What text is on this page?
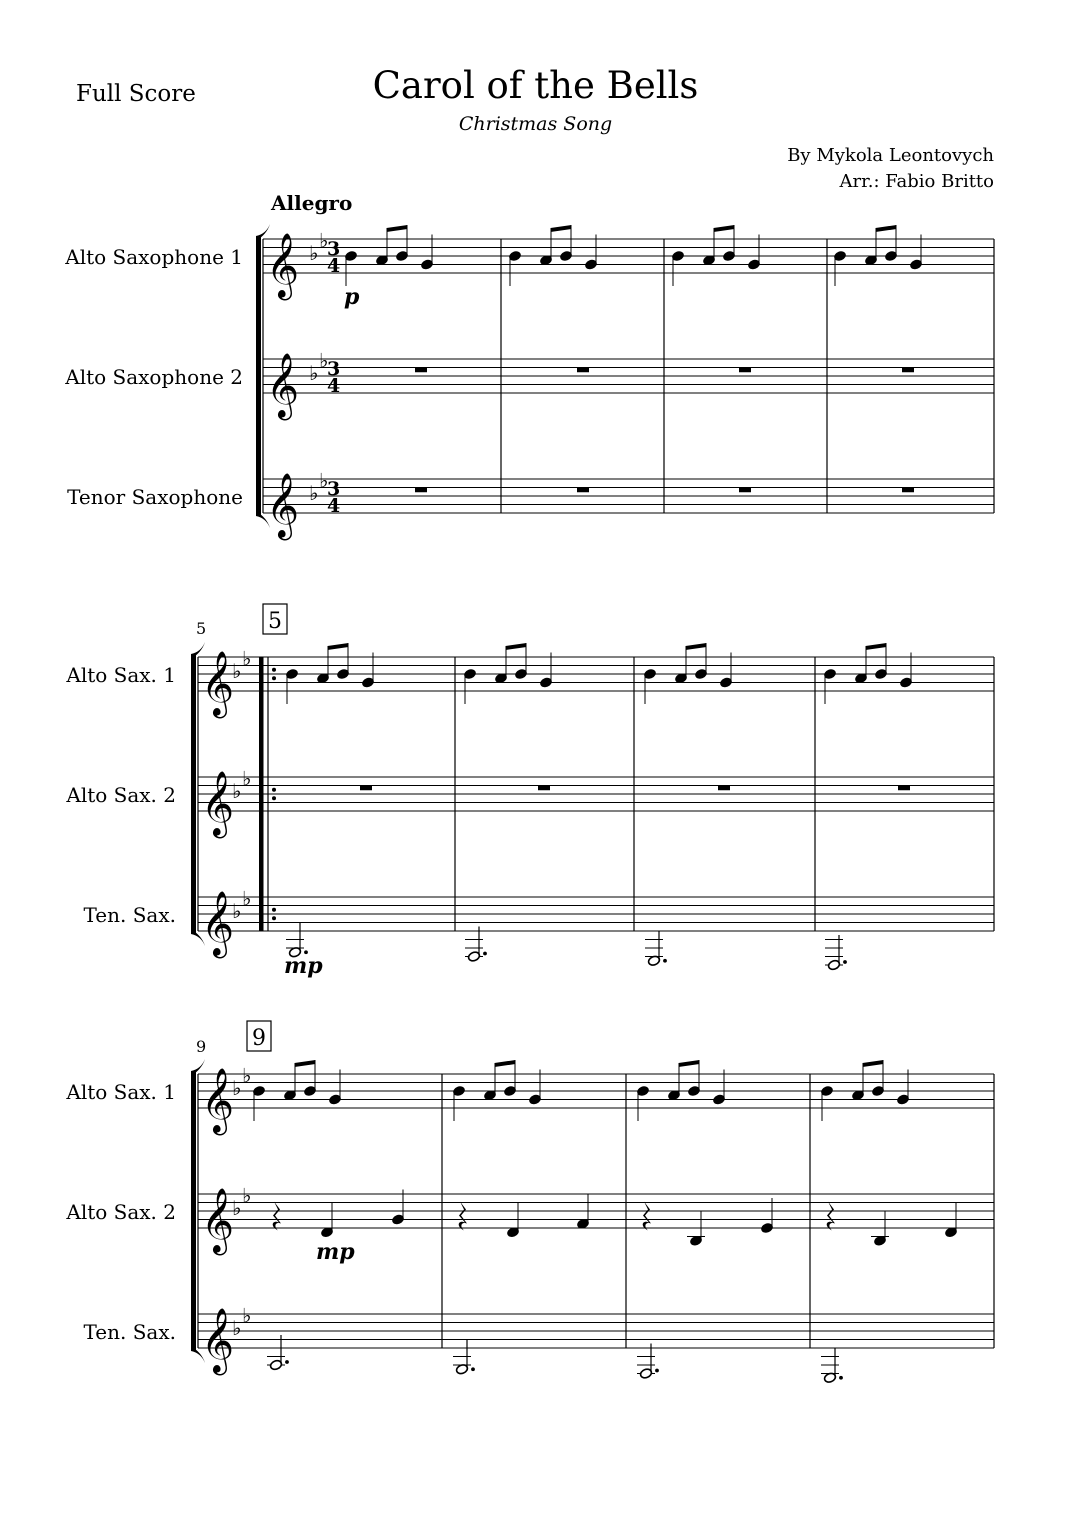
Full Score	Carol of the Bells
Christmas Song
By Mykola Leontovych
Arr.: Fabio Britto
Allegro
Alto Saxophone 1
Alto Saxophone 2
Tenor Saxophone
Alto Sax. 1
Alto Sax. 2
Ten. Sax.
Alto Sax. 1
Alto Sax. 2
Ten. Sax.
𝄞 ♭
♭
3
4
𝄞 ♭
♭
3
4
𝄞 ♭
♭
3
4
p
𝄞
♭
♭
𝄞
♭
♭
𝄞
♭
♭
5	5
mp
𝄞
♭
♭
𝄞
♭
♭
𝄞
♭
♭
9 9
mp
